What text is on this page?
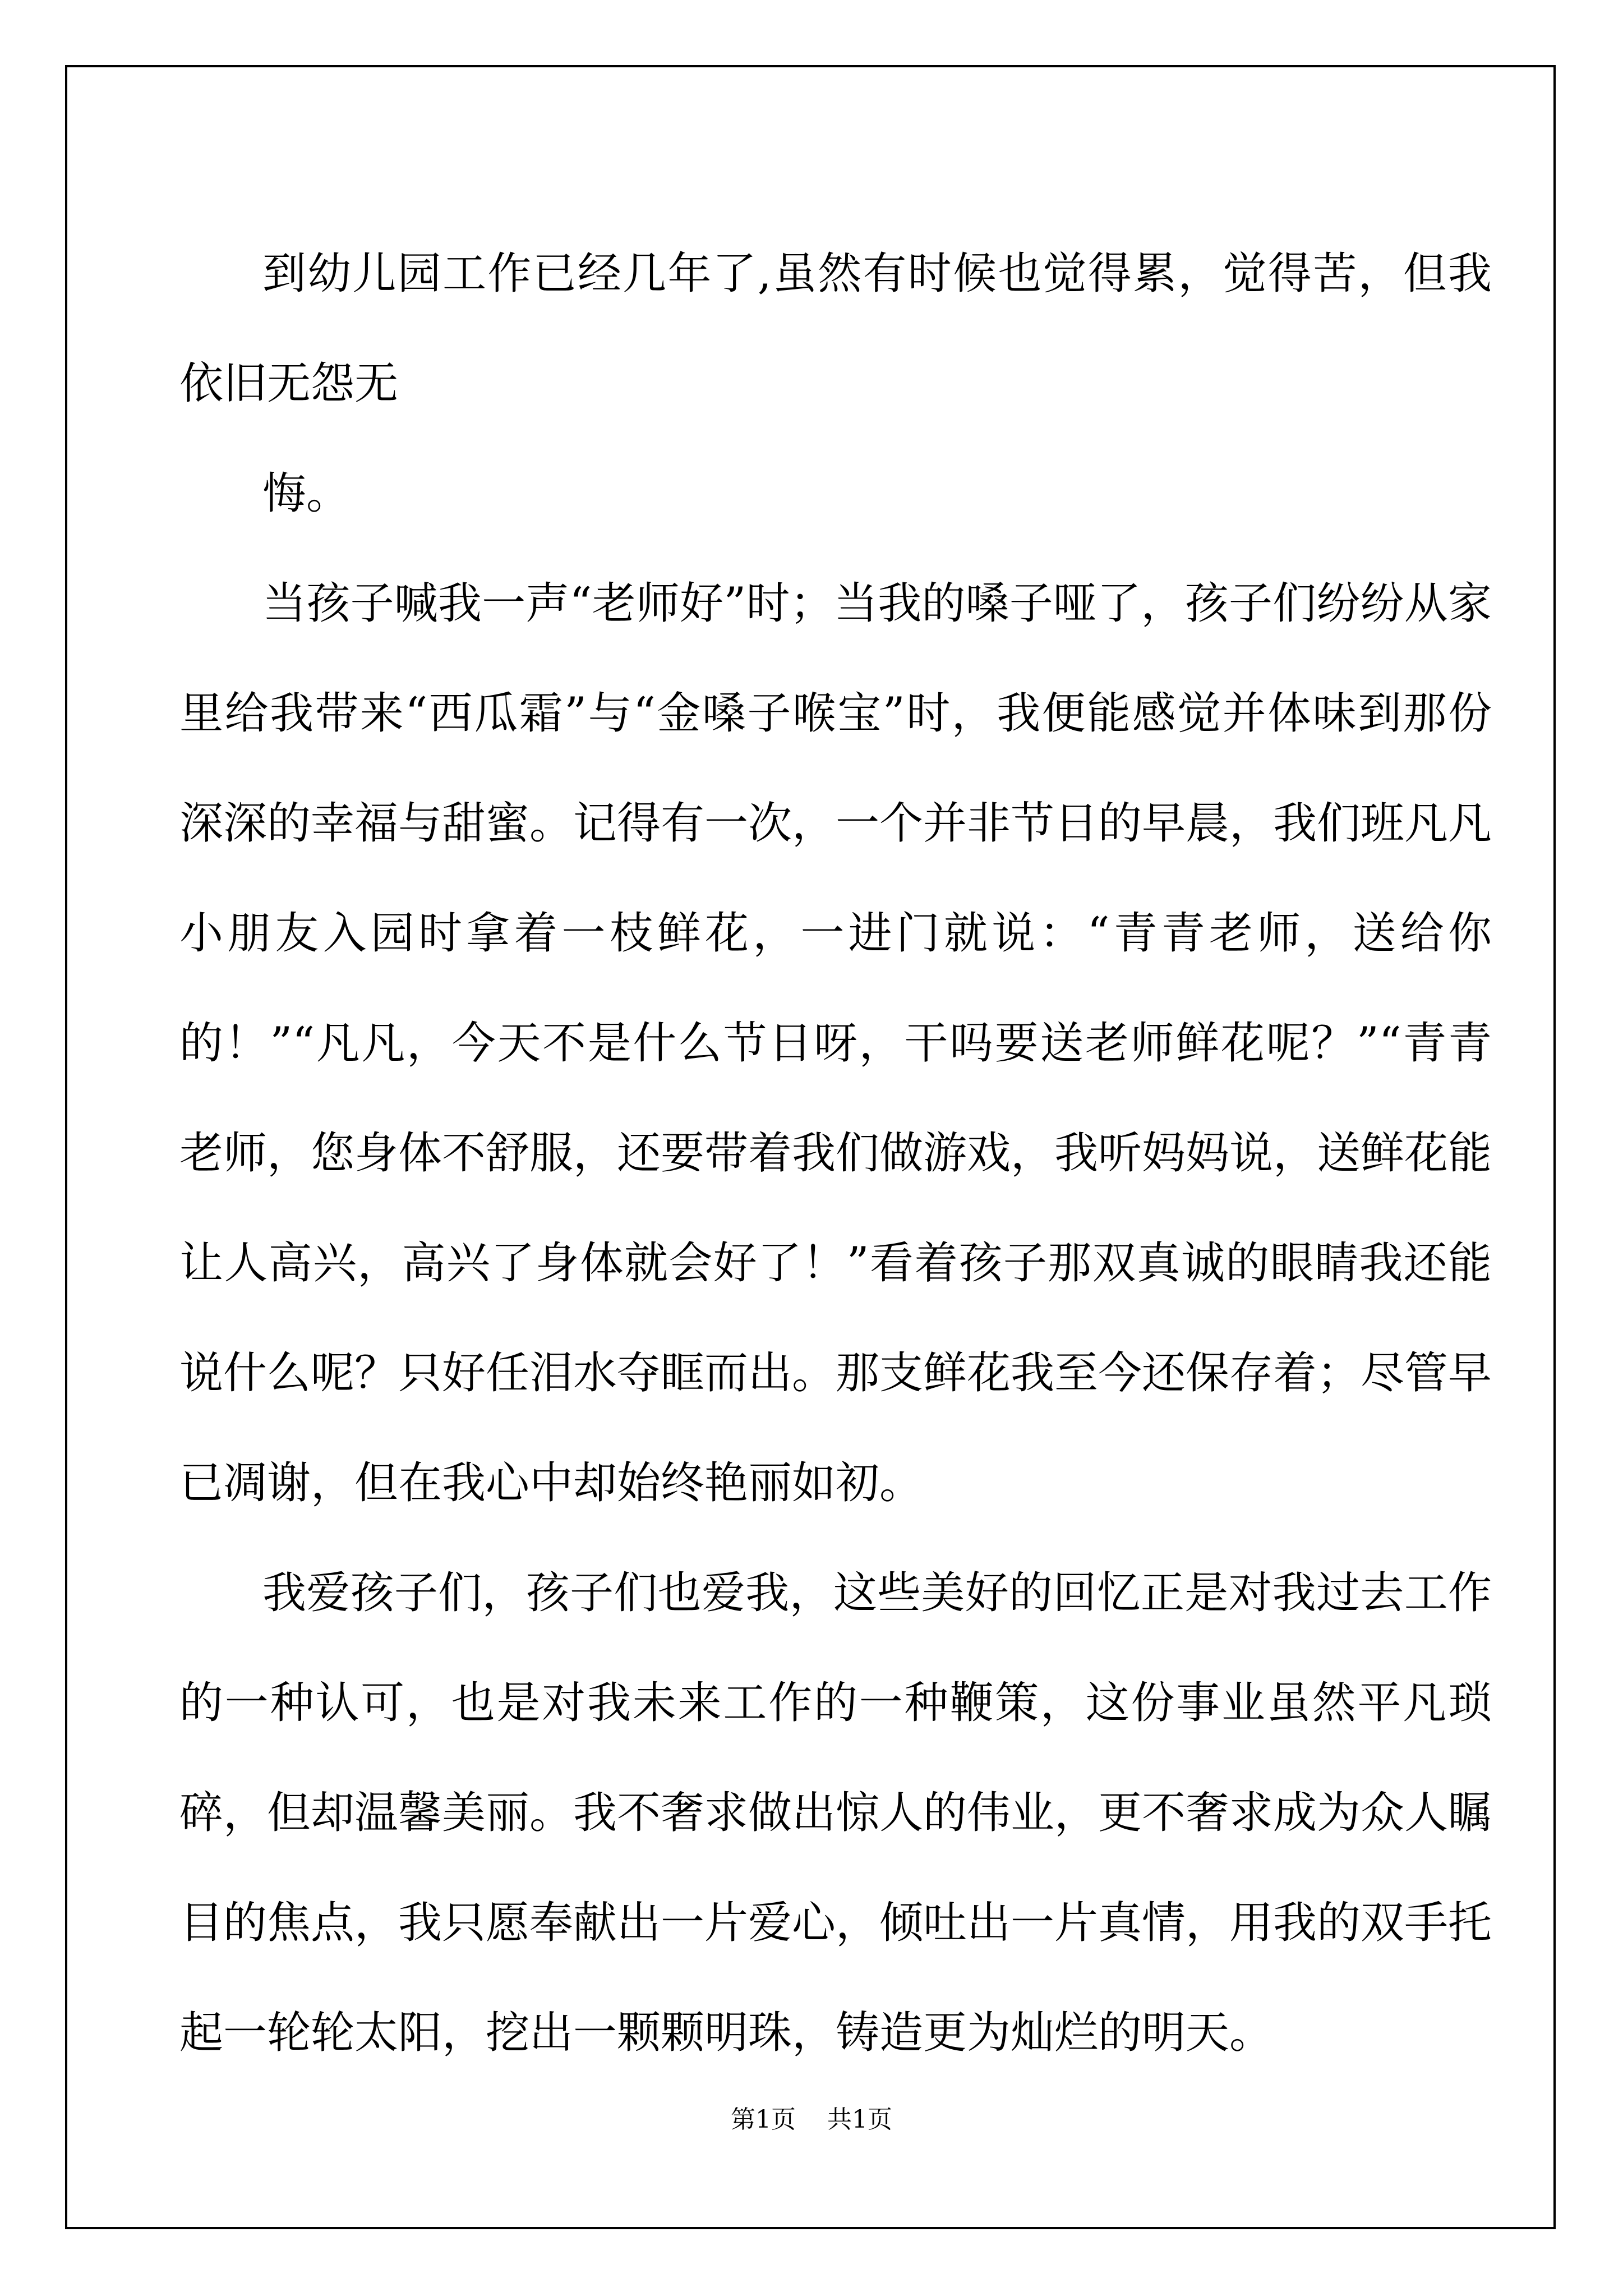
到幼儿园工作已经几年了,虽然有时候也觉得累，觉得苦，但我依旧无怨无

悔。

当孩子喊我一声“老师好”时；当我的嗓子哑了，孩子们纷纷从家里给我带来“西瓜霜”与“金嗓子喉宝”时，我便能感觉并体味到那份深深的幸福与甜蜜。记得有一次，一个并非节日的早晨，我们班凡凡小朋友入园时拿着一枝鲜花，一进门就说：“青青老师，送给你的！”“凡凡，今天不是什么节日呀，干吗要送老师鲜花呢？”“青青老师，您身体不舒服，还要带着我们做游戏，我听妈妈说，送鲜花能让人高兴，高兴了身体就会好了！”看着孩子那双真诚的眼睛我还能说什么呢？只好任泪水夺眶而出。那支鲜花我至今还保存着；尽管早已凋谢，但在我心中却始终艳丽如初。

我爱孩子们，孩子们也爱我，这些美好的回忆正是对我过去工作的一种认可，也是对我未来工作的一种鞭策，这份事业虽然平凡琐碎，但却温馨美丽。我不奢求做出惊人的伟业，更不奢求成为众人瞩目的焦点，我只愿奉献出一片爱心，倾吐出一片真情，用我的双手托起一轮轮太阳，挖出一颗颗明珠，铸造更为灿烂的明天。

第1页 共1页
